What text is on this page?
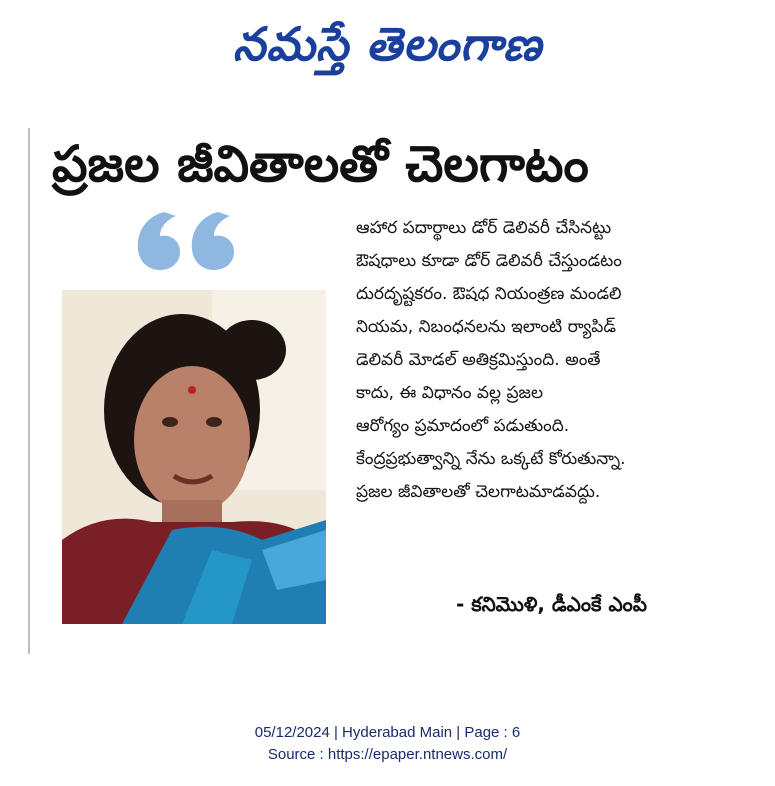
నమస్తే తెలంగాణ
ప్రజల జీవితాలతో చెలగాటం
ఆహార పదార్థాలు డోర్ డెలివరీ చేసినట్టు
ఔషధాలు కూడా డోర్ డెలివరీ చేస్తుండటం
దురదృష్టకరం. ఔషధ నియంత్రణ మండలి
నియమ, నిబంధనలను ఇలాంటి ర్యాపిడ్
డెలివరీ మోడల్ అతిక్రమిస్తుంది. అంతే
కాదు, ఈ విధానం వల్ల ప్రజల
ఆరోగ్యం ప్రమాదంలో పడుతుంది.
కేంద్రప్రభుత్వాన్ని నేను ఒక్కటే కోరుతున్నా.
ప్రజల జీవితాలతో చెలగాటమాడవద్దు.
- కనిమొళి, డీఎంకే ఎంపీ
05/12/2024 | Hyderabad Main | Page : 6
Source : https://epaper.ntnews.com/
